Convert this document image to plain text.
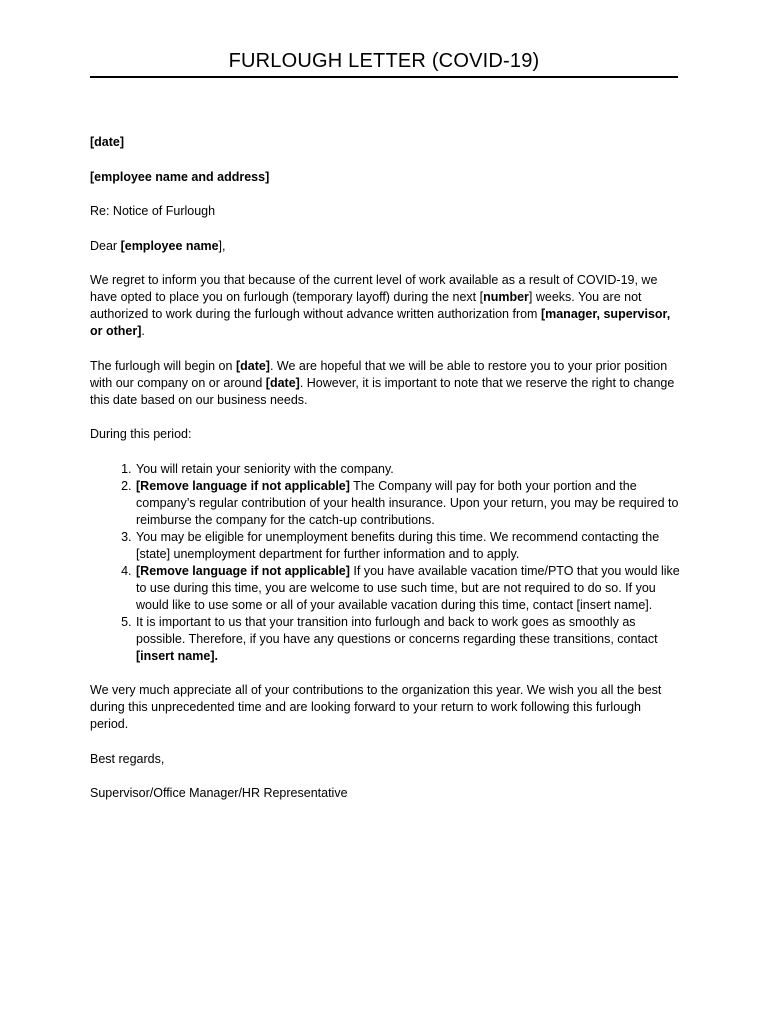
FURLOUGH LETTER (COVID-19)

[date]

[employee name and address]

Re: Notice of Furlough

Dear [employee name],

We regret to inform you that because of the current level of work available as a result of COVID-19, we have opted to place you on furlough (temporary layoff) during the next [number] weeks. You are not authorized to work during the furlough without advance written authorization from [manager, supervisor, or other].

The furlough will begin on [date]. We are hopeful that we will be able to restore you to your prior position with our company on or around [date]. However, it is important to note that we reserve the right to change this date based on our business needs.

During this period:

1. You will retain your seniority with the company.
2. [Remove language if not applicable] The Company will pay for both your portion and the company’s regular contribution of your health insurance. Upon your return, you may be required to reimburse the company for the catch-up contributions.
3. You may be eligible for unemployment benefits during this time. We recommend contacting the [state] unemployment department for further information and to apply.
4. [Remove language if not applicable] If you have available vacation time/PTO that you would like to use during this time, you are welcome to use such time, but are not required to do so. If you would like to use some or all of your available vacation during this time, contact [insert name].
5. It is important to us that your transition into furlough and back to work goes as smoothly as possible. Therefore, if you have any questions or concerns regarding these transitions, contact [insert name].

We very much appreciate all of your contributions to the organization this year. We wish you all the best during this unprecedented time and are looking forward to your return to work following this furlough period.

Best regards,

Supervisor/Office Manager/HR Representative
